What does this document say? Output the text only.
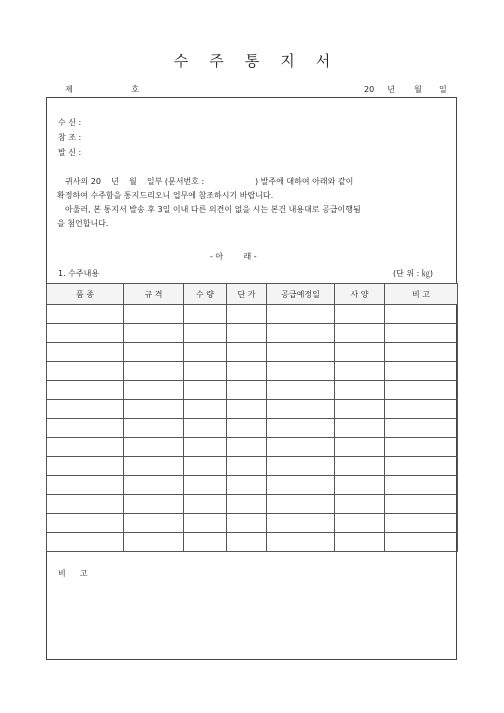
수주통지서
제 호	20 년 월 일
수 신 :
참 조 :
발 신 :

귀사의 20    년    월    일부 (문서번호 :                    ) 발주에 대하여 아래와 같이

확정하여 수주함을 통지드리오니 업무에 참조하시기 바랍니다.

아울러, 본 통지서 발송 후 3일 이내 다른 의견이 없을 시는 본건 내용대로 공급이행됨

을 첨언합니다.

- 아        래 -
1. 수주내용	(단 위 : ㎏)
품 종	규 격	수 량	단 가	공급예정일	사 양	비 고

비고
